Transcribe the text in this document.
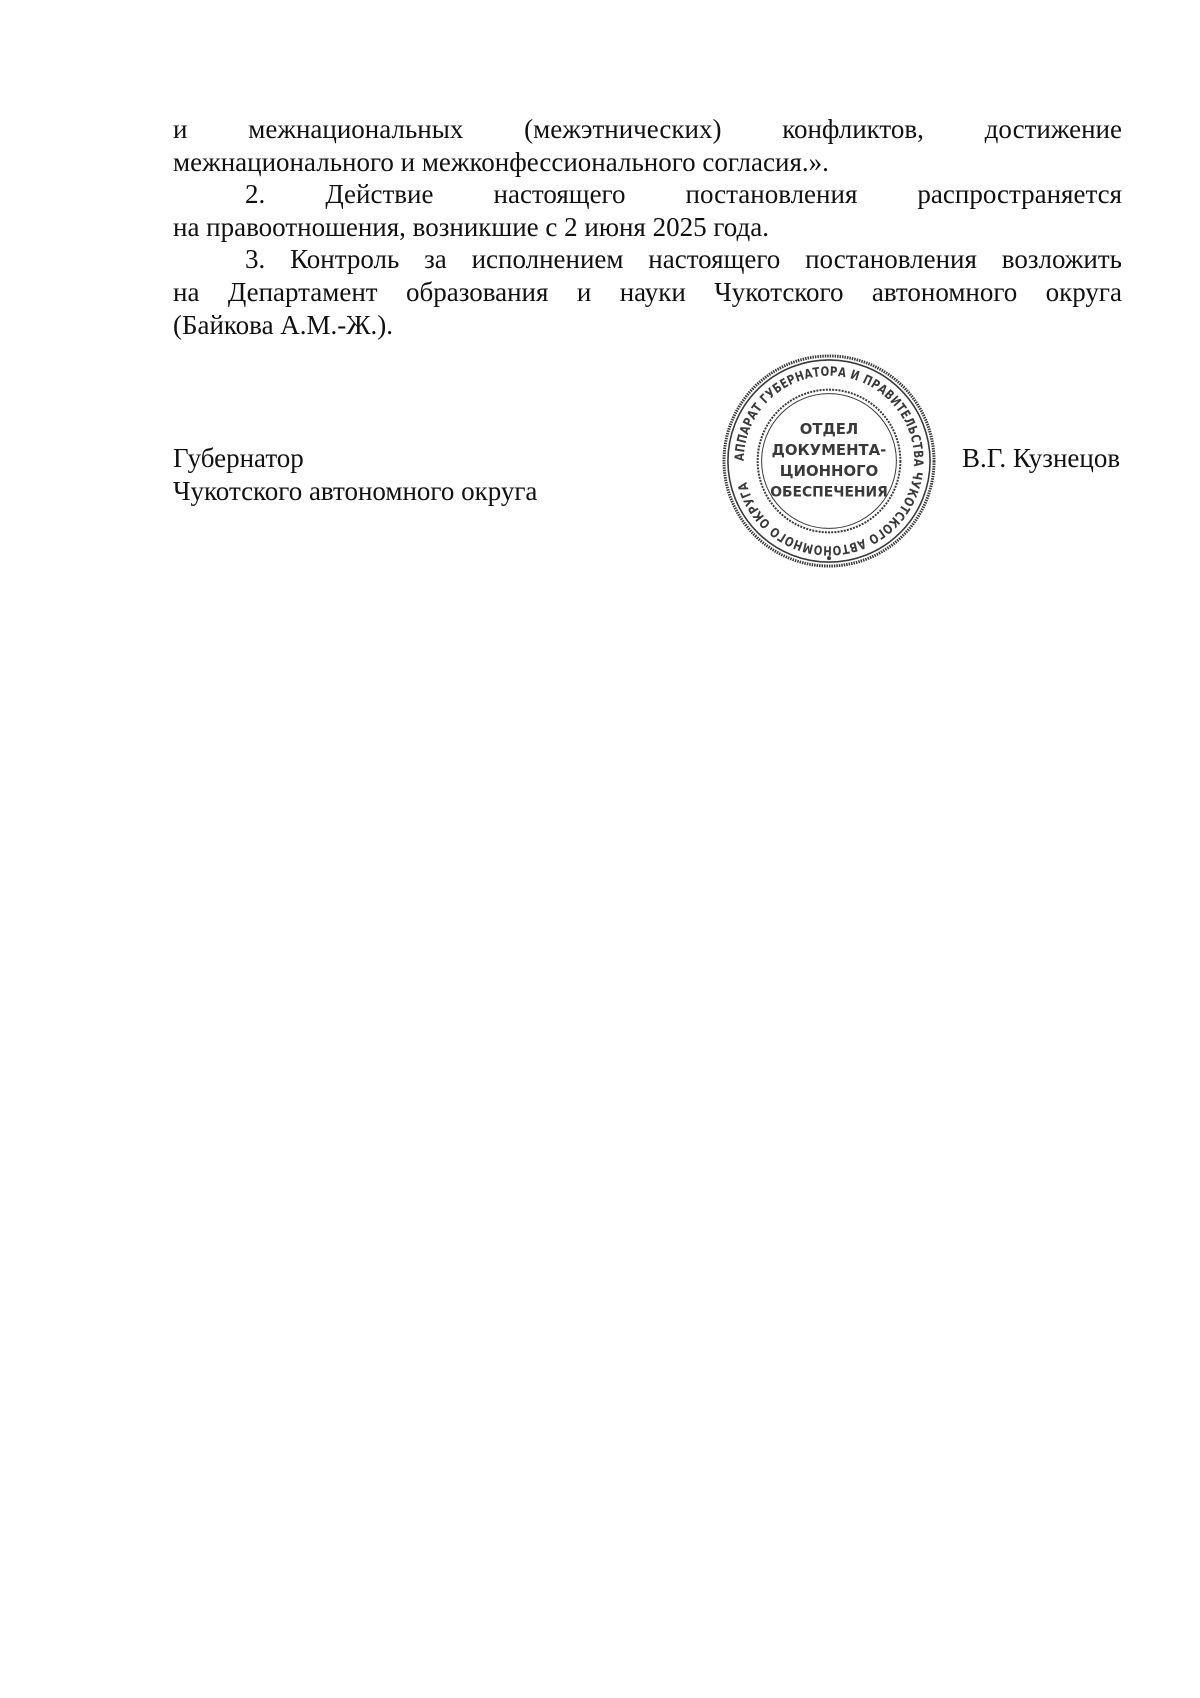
и межнациональных (межэтнических) конфликтов, достижение
межнационального и межконфессионального согласия.».

2. Действие настоящего постановления распространяется
на правоотношения, возникшие с 2 июня 2025 года.

3. Контроль за исполнением настоящего постановления возложить
на Департамент образования и науки Чукотского автономного округа
(Байкова А.М.-Ж.).

Губернатор
Чукотского автономного округа
АППАРАТ ГУБЕРНАТОРА И ПРАВИТЕЛЬСТВА ЧУКОТСКОГО АВТОНОМНОГО ОКРУГА
ОТДЕЛ
ДОКУМЕНТА-
ЦИОННОГО
ОБЕСПЕЧЕНИЯ
В.Г. Кузнецов
